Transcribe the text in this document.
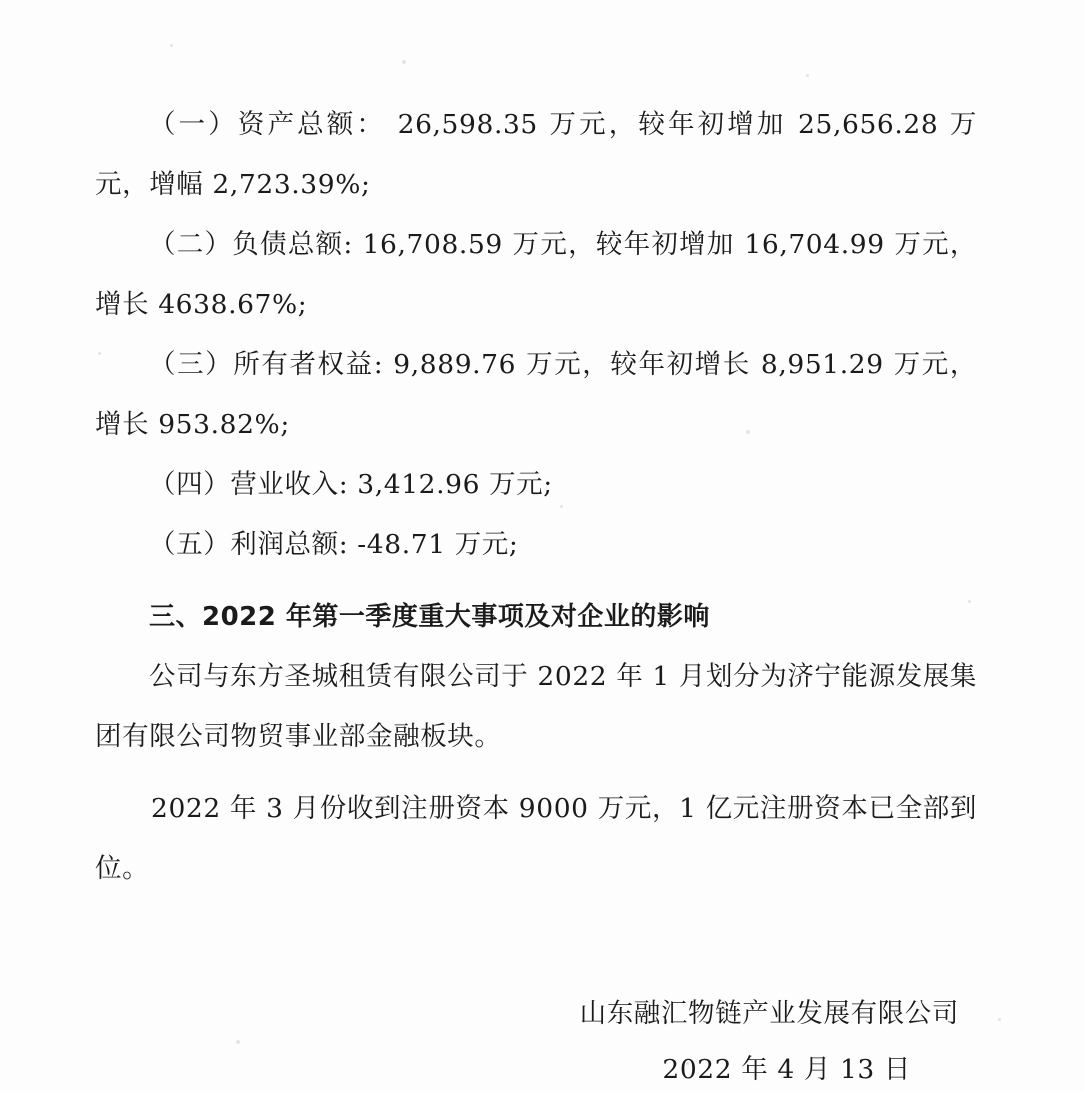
（一）资产总额： 26,598.35 万元，较年初增加 25,656.28 万元，增幅 2,723.39%;

（二）负债总额: 16,708.59 万元，较年初增加 16,704.99 万元，增长 4638.67%;

（三）所有者权益: 9,889.76 万元，较年初增长 8,951.29 万元，增长 953.82%;

（四）营业收入: 3,412.96 万元;

（五）利润总额: -48.71 万元;

三、2022 年第一季度重大事项及对企业的影响

公司与东方圣城租赁有限公司于 2022 年 1 月划分为济宁能源发展集团有限公司物贸事业部金融板块。

2022 年 3 月份收到注册资本 9000 万元，1 亿元注册资本已全部到位。

山东融汇物链产业发展有限公司
2022 年 4 月 13 日
